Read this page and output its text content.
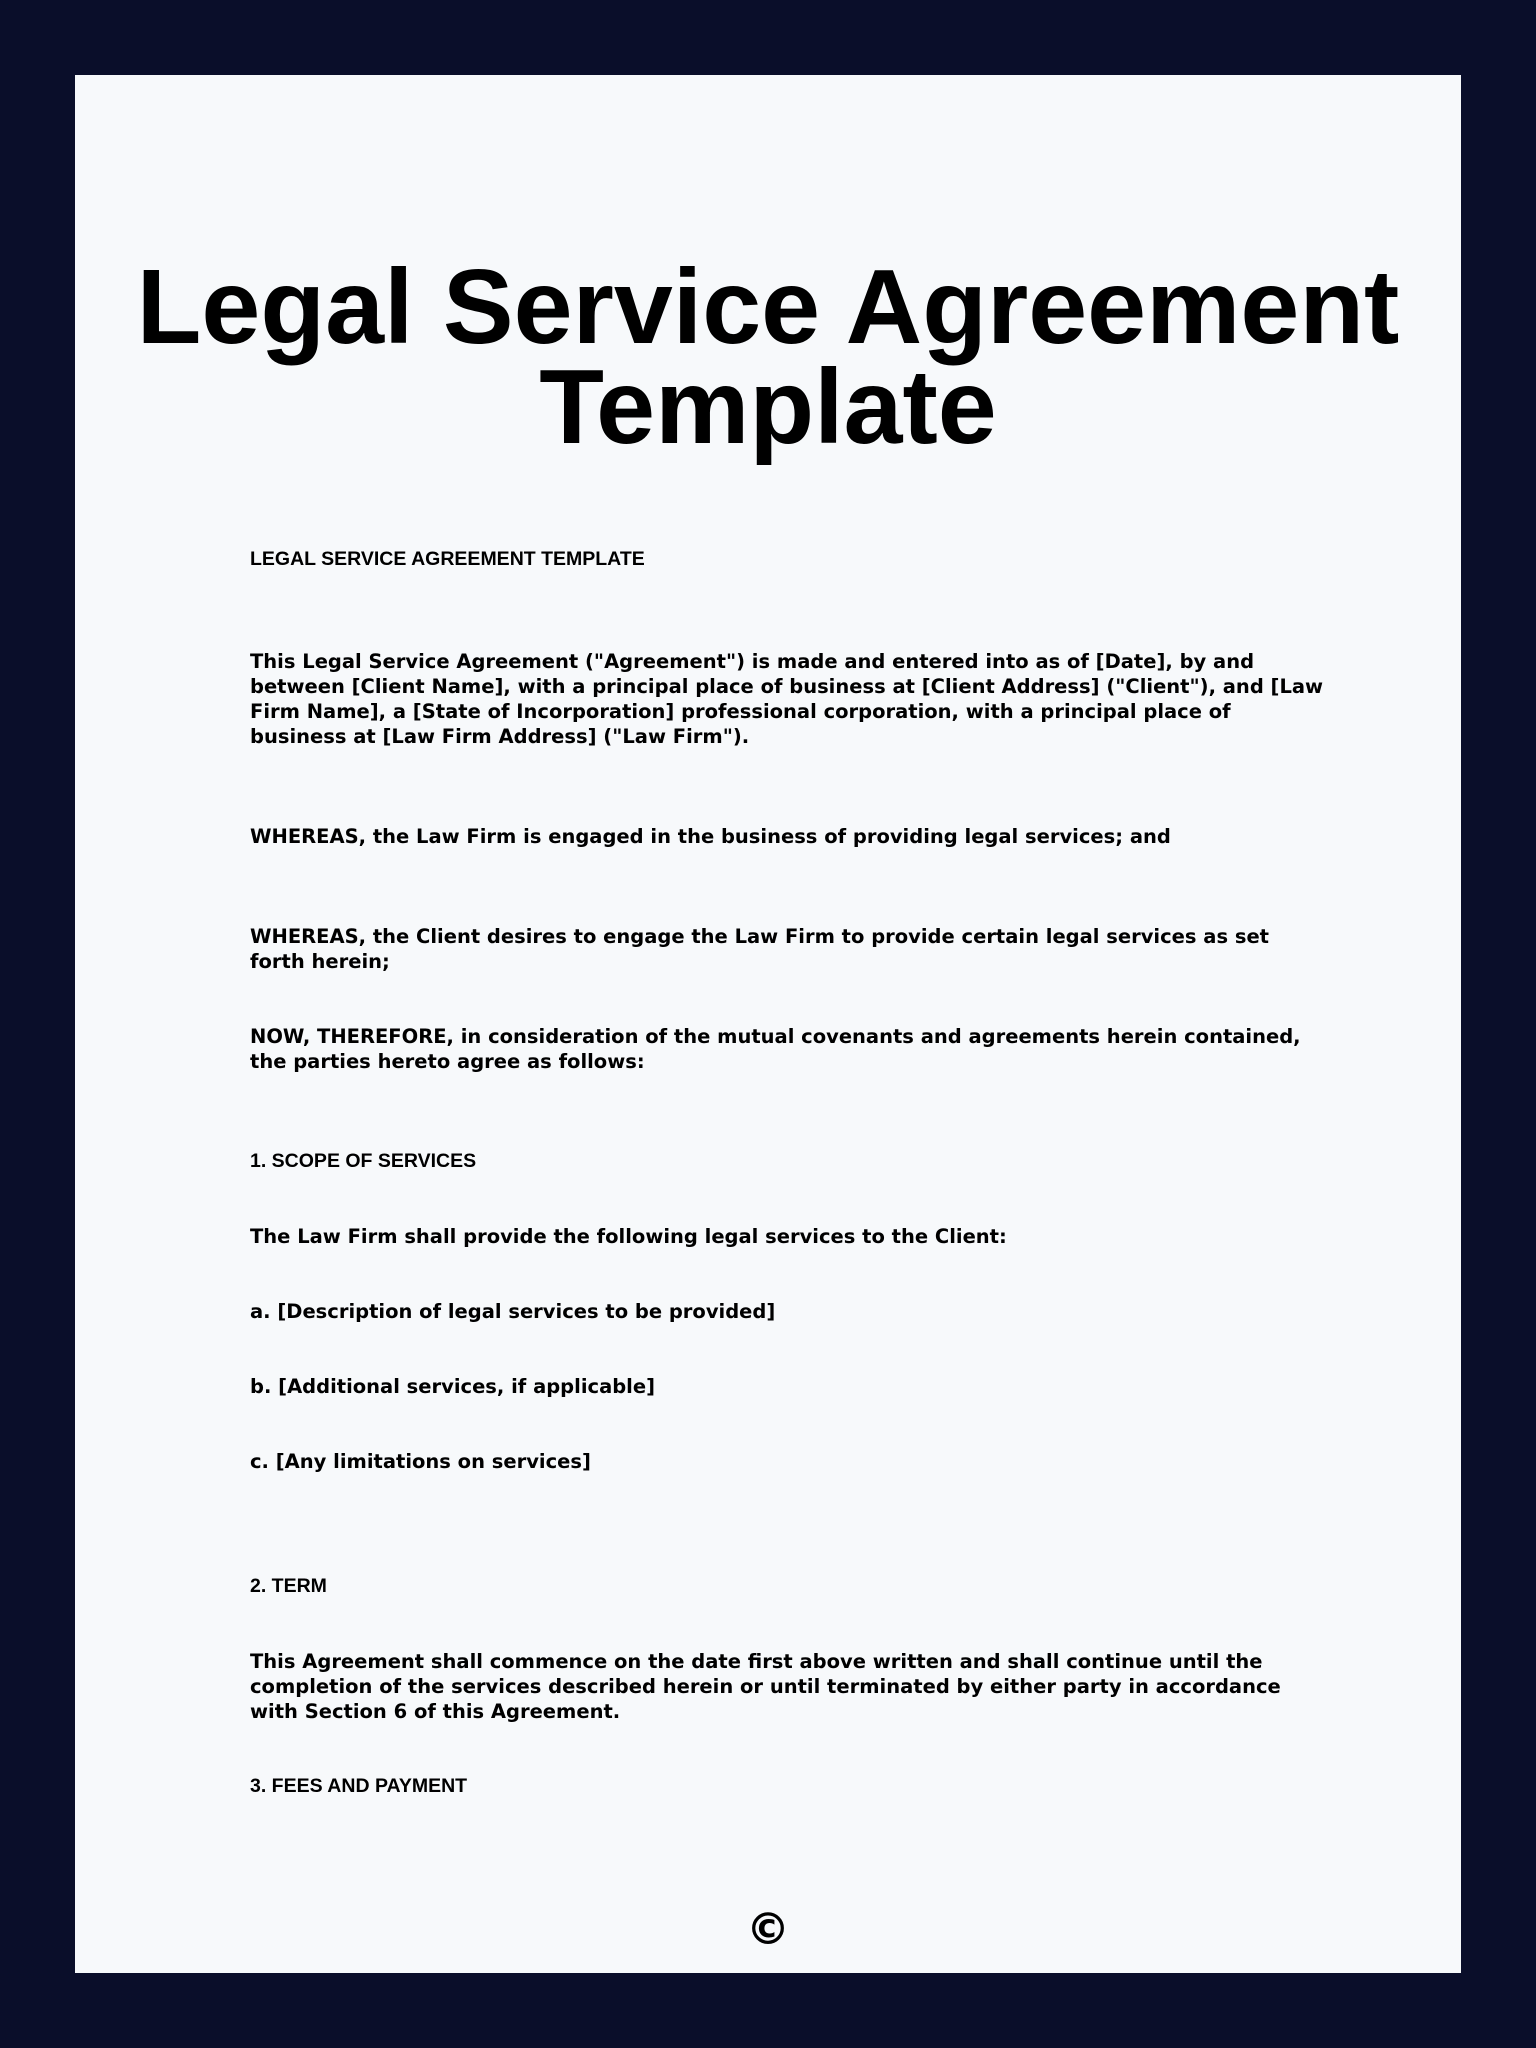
Legal Service Agreement
Template

LEGAL SERVICE AGREEMENT TEMPLATE

This Legal Service Agreement ("Agreement") is made and entered into as of [Date], by and between [Client Name], with a principal place of business at [Client Address] ("Client"), and [Law Firm Name], a [State of Incorporation] professional corporation, with a principal place of business at [Law Firm Address] ("Law Firm").

WHEREAS, the Law Firm is engaged in the business of providing legal services; and

WHEREAS, the Client desires to engage the Law Firm to provide certain legal services as set forth herein;

NOW, THEREFORE, in consideration of the mutual covenants and agreements herein contained, the parties hereto agree as follows:

1. SCOPE OF SERVICES

The Law Firm shall provide the following legal services to the Client:

a. [Description of legal services to be provided]

b. [Additional services, if applicable]

c. [Any limitations on services]

2. TERM

This Agreement shall commence on the date first above written and shall continue until the completion of the services described herein or until terminated by either party in accordance with Section 6 of this Agreement.

3. FEES AND PAYMENT

©
